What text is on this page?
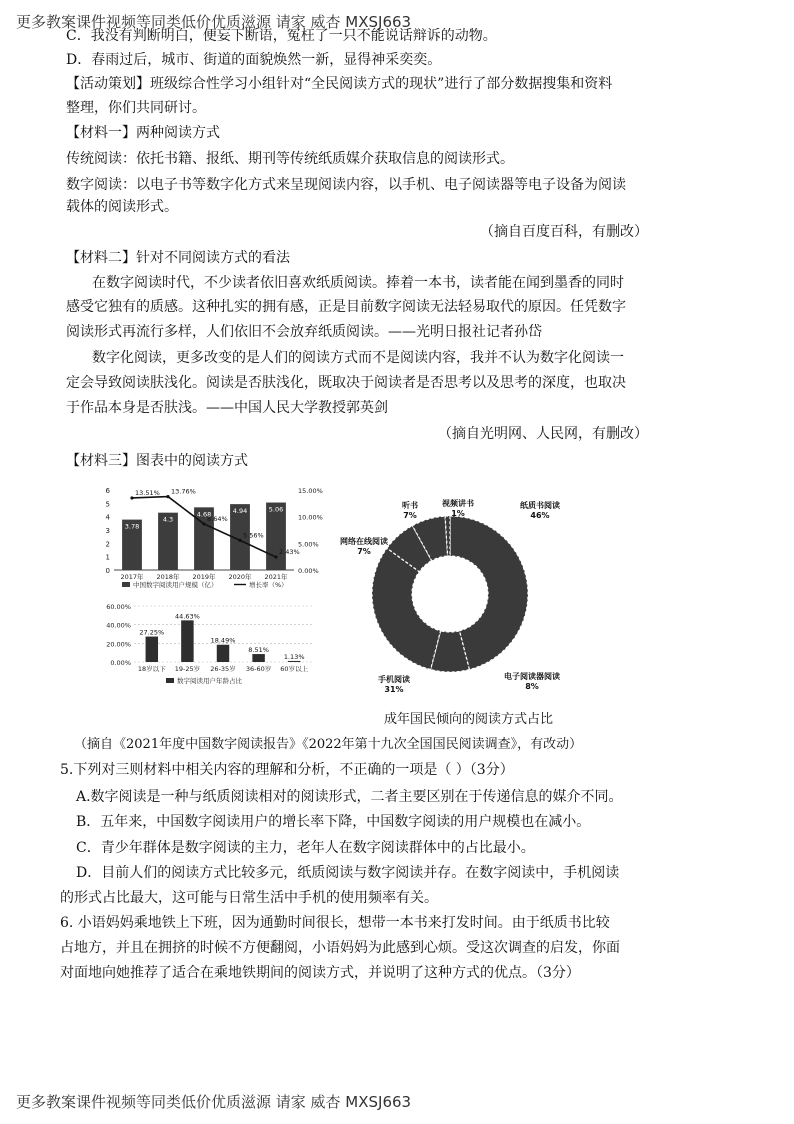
更多教案课件视频等同类低价优质滋源 请家 威杏 MXSJ663
C．我没有判断明白，便妄下断语，冤枉了一只不能说话辩诉的动物。
D．春雨过后，城市、街道的面貌焕然一新，显得神采奕奕。
【活动策划】班级综合性学习小组针对“全民阅读方式的现状”进行了部分数据搜集和资料
整理，你们共同研讨。
【材料一】两种阅读方式
传统阅读：依托书籍、报纸、期刊等传统纸质媒介获取信息的阅读形式。
数字阅读：以电子书等数字化方式来呈现阅读内容，以手机、电子阅读器等电子设备为阅读
载体的阅读形式。
（摘自百度百科，有删改）
【材料二】针对不同阅读方式的看法
在数字阅读时代，不少读者依旧喜欢纸质阅读。捧着一本书，读者能在闻到墨香的同时
感受它独有的质感。这种扎实的拥有感，正是目前数字阅读无法轻易取代的原因。任凭数字
阅读形式再流行多样，人们依旧不会放弃纸质阅读。——光明日报社记者孙岱
数字化阅读，更多改变的是人们的阅读方式而不是阅读内容，我并不认为数字化阅读一
定会导致阅读肤浅化。阅读是否肤浅化，既取决于阅读者是否思考以及思考的深度，也取决
于作品本身是否肤浅。——中国人民大学教授郭英剑
（摘自光明网、人民网，有删改）
【材料三】图表中的阅读方式
0
1
2
3
4
5
6
0.00%
5.00%
10.00%
15.00%
3.78
2017年
4.3
2018年
4.68
2019年
4.94
2020年
5.06
2021年
13.51% 13.76%
8.64%
5.56%
2.43%
中国数字阅读用户规模（亿）	增长率（%）
0.00%
20.00%
40.00%
60.00%
27.25%
18岁以下
44.63%
19-25岁
18.49%
26-35岁
8.51%
36-60岁
1.13%
60岁以上
数字阅读用户年龄占比
纸质书阅读
46%
电子阅读器阅读
8%
手机阅读
31%
网络在线阅读
7%
听书
7%
视频讲书
1%
成年国民倾向的阅读方式占比
（摘自《2021年度中国数字阅读报告》《2022年第十九次全国国民阅读调查》，有改动）
5.下列对三则材料中相关内容的理解和分析，不正确的一项是（ ）（3分）
A.数字阅读是一种与纸质阅读相对的阅读形式，二者主要区别在于传递信息的媒介不同。
B．五年来，中国数字阅读用户的增长率下降，中国数字阅读的用户规模也在减小。
C．青少年群体是数字阅读的主力，老年人在数字阅读群体中的占比最小。
D．目前人们的阅读方式比较多元，纸质阅读与数字阅读并存。在数字阅读中，手机阅读
的形式占比最大，这可能与日常生活中手机的使用频率有关。
6. 小语妈妈乘地铁上下班，因为通勤时间很长，想带一本书来打发时间。由于纸质书比较
占地方，并且在拥挤的时候不方便翻阅，小语妈妈为此感到心烦。受这次调查的启发，你面
对面地向她推荐了适合在乘地铁期间的阅读方式，并说明了这种方式的优点。（3分）
更多教案课件视频等同类低价优质滋源 请家 威杏 MXSJ663
